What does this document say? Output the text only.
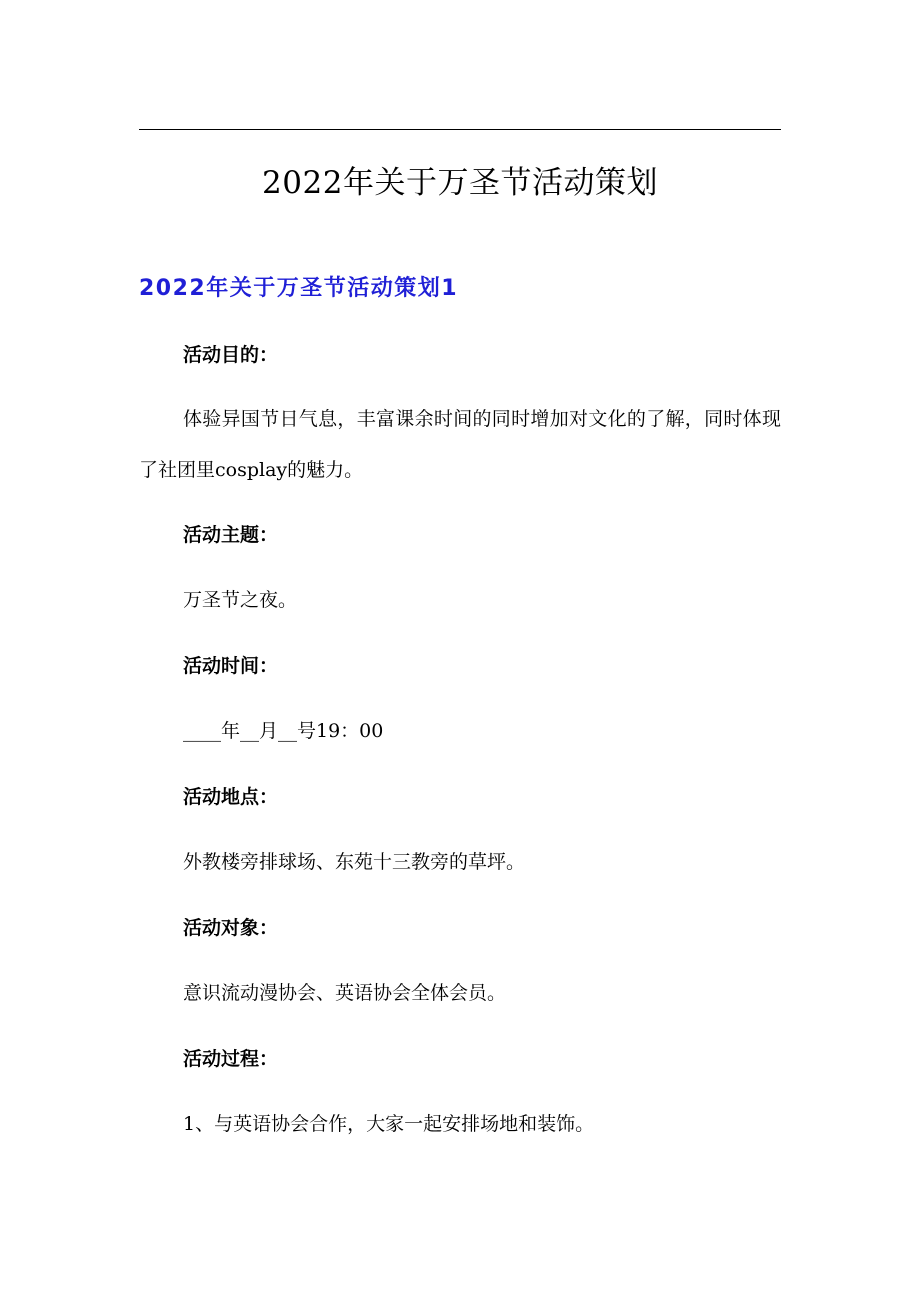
2022年关于万圣节活动策划
2022年关于万圣节活动策划1
活动目的：
体验异国节日气息，丰富课余时间的同时增加对文化的了解，同时体现了社团里cosplay的魅力。
活动主题：
万圣节之夜。
活动时间：
____年__月__号19：00
活动地点：
外教楼旁排球场、东苑十三教旁的草坪。
活动对象：
意识流动漫协会、英语协会全体会员。
活动过程：
1、与英语协会合作，大家一起安排场地和装饰。
